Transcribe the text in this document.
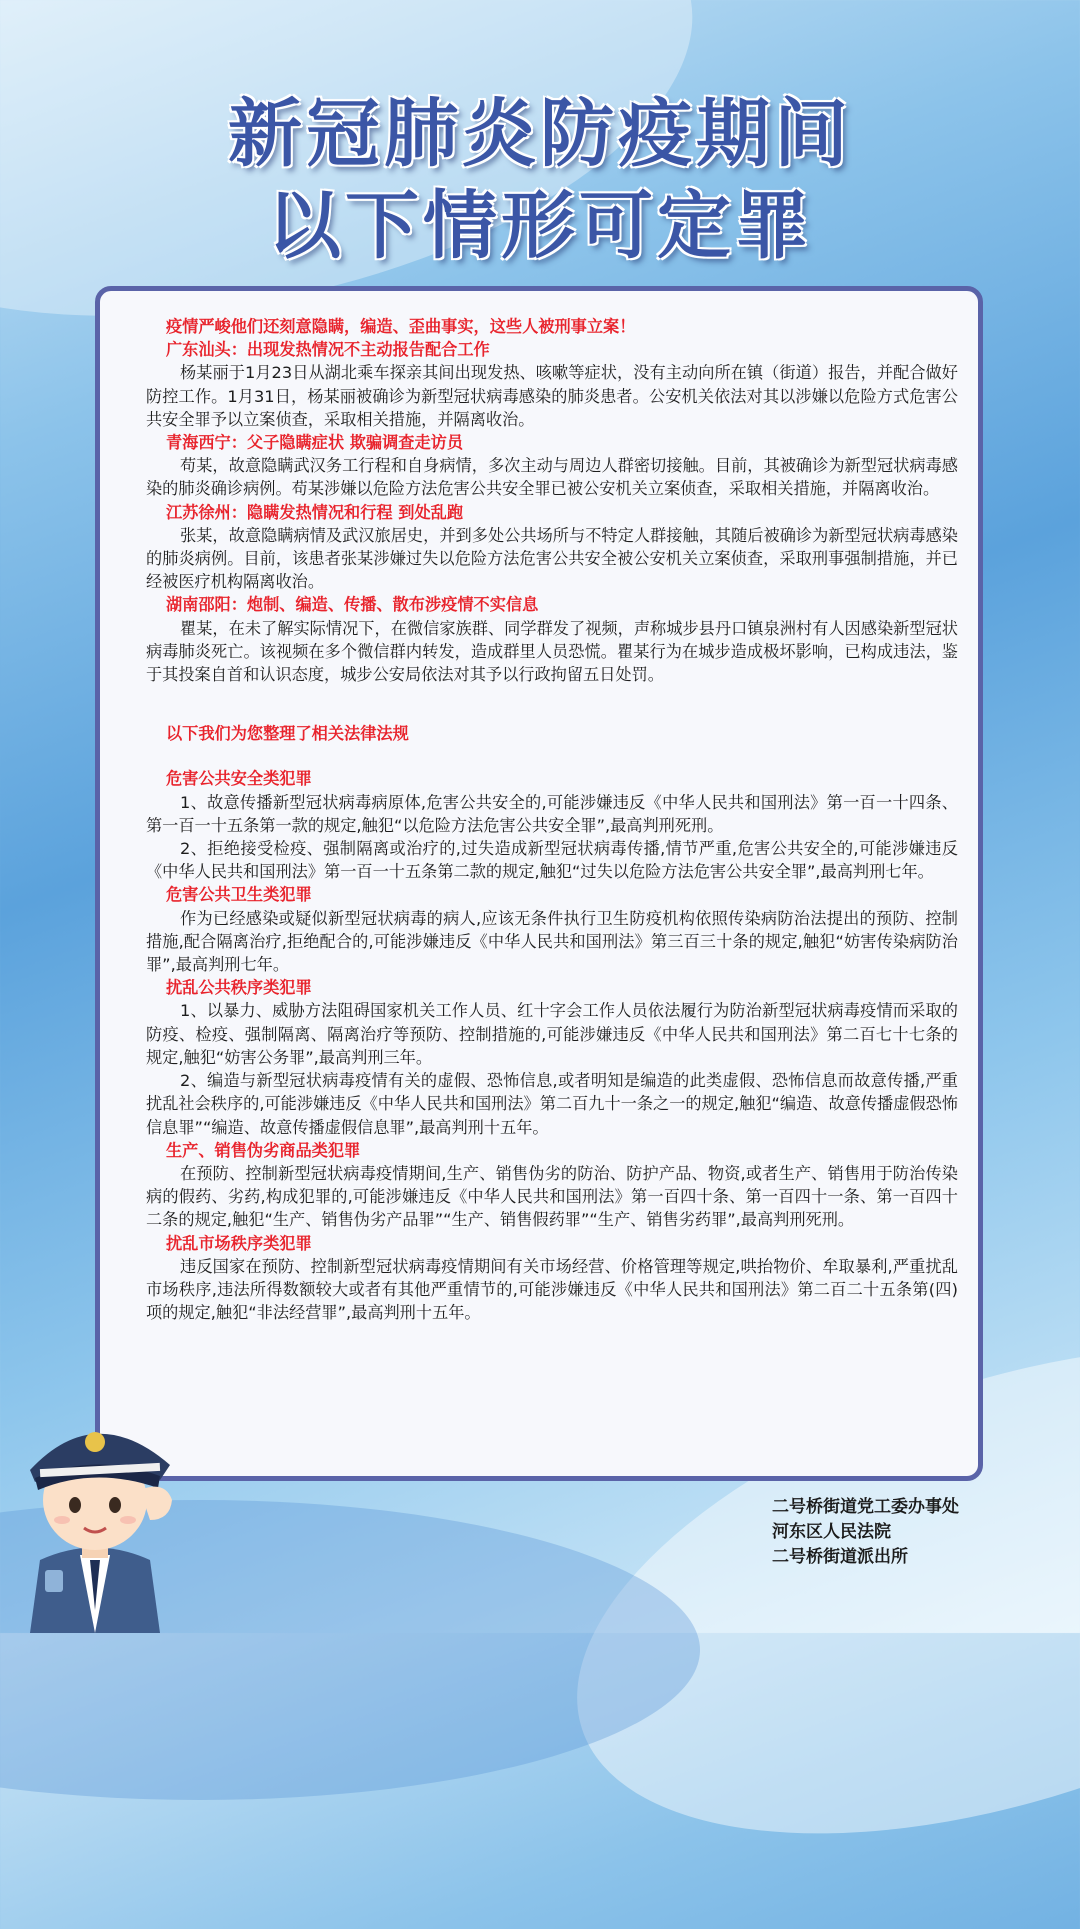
新冠肺炎防疫期间
以下情形可定罪
疫情严峻他们还刻意隐瞒，编造、歪曲事实，这些人被刑事立案！
广东汕头：出现发热情况不主动报告配合工作

杨某丽于1月23日从湖北乘车探亲其间出现发热、咳嗽等症状，没有主动向所在镇（街道）报告，并配合做好防控工作。1月31日，杨某丽被确诊为新型冠状病毒感染的肺炎患者。公安机关依法对其以涉嫌以危险方式危害公共安全罪予以立案侦查，采取相关措施，并隔离收治。

青海西宁：父子隐瞒症状 欺骗调查走访员

苟某，故意隐瞒武汉务工行程和自身病情，多次主动与周边人群密切接触。目前，其被确诊为新型冠状病毒感染的肺炎确诊病例。苟某涉嫌以危险方法危害公共安全罪已被公安机关立案侦查，采取相关措施，并隔离收治。

江苏徐州：隐瞒发热情况和行程 到处乱跑

张某，故意隐瞒病情及武汉旅居史，并到多处公共场所与不特定人群接触，其随后被确诊为新型冠状病毒感染的肺炎病例。目前，该患者张某涉嫌过失以危险方法危害公共安全被公安机关立案侦查，采取刑事强制措施，并已经被医疗机构隔离收治。

湖南邵阳：炮制、编造、传播、散布涉疫情不实信息

瞿某，在未了解实际情况下，在微信家族群、同学群发了视频，声称城步县丹口镇泉洲村有人因感染新型冠状病毒肺炎死亡。该视频在多个微信群内转发，造成群里人员恐慌。瞿某行为在城步造成极坏影响，已构成违法，鉴于其投案自首和认识态度，城步公安局依法对其予以行政拘留五日处罚。

以下我们为您整理了相关法律法规
危害公共安全类犯罪

1、故意传播新型冠状病毒病原体,危害公共安全的,可能涉嫌违反《中华人民共和国刑法》第一百一十四条、第一百一十五条第一款的规定,触犯“以危险方法危害公共安全罪”,最高判刑死刑。

2、拒绝接受检疫、强制隔离或治疗的,过失造成新型冠状病毒传播,情节严重,危害公共安全的,可能涉嫌违反《中华人民共和国刑法》第一百一十五条第二款的规定,触犯“过失以危险方法危害公共安全罪”,最高判刑七年。

危害公共卫生类犯罪

作为已经感染或疑似新型冠状病毒的病人,应该无条件执行卫生防疫机构依照传染病防治法提出的预防、控制措施,配合隔离治疗,拒绝配合的,可能涉嫌违反《中华人民共和国刑法》第三百三十条的规定,触犯“妨害传染病防治罪”,最高判刑七年。

扰乱公共秩序类犯罪

1、以暴力、威胁方法阻碍国家机关工作人员、红十字会工作人员依法履行为防治新型冠状病毒疫情而采取的防疫、检疫、强制隔离、隔离治疗等预防、控制措施的,可能涉嫌违反《中华人民共和国刑法》第二百七十七条的规定,触犯“妨害公务罪”,最高判刑三年。

2、编造与新型冠状病毒疫情有关的虚假、恐怖信息,或者明知是编造的此类虚假、恐怖信息而故意传播,严重扰乱社会秩序的,可能涉嫌违反《中华人民共和国刑法》第二百九十一条之一的规定,触犯“编造、故意传播虚假恐怖信息罪”“编造、故意传播虚假信息罪”,最高判刑十五年。

生产、销售伪劣商品类犯罪

在预防、控制新型冠状病毒疫情期间,生产、销售伪劣的防治、防护产品、物资,或者生产、销售用于防治传染病的假药、劣药,构成犯罪的,可能涉嫌违反《中华人民共和国刑法》第一百四十条、第一百四十一条、第一百四十二条的规定,触犯“生产、销售伪劣产品罪”“生产、销售假药罪”“生产、销售劣药罪”,最高判刑死刑。

扰乱市场秩序类犯罪

违反国家在预防、控制新型冠状病毒疫情期间有关市场经营、价格管理等规定,哄抬物价、牟取暴利,严重扰乱市场秩序,违法所得数额较大或者有其他严重情节的,可能涉嫌违反《中华人民共和国刑法》第二百二十五条第(四)项的规定,触犯“非法经营罪”,最高判刑十五年。

二号桥街道党工委办事处
河东区人民法院
二号桥街道派出所
